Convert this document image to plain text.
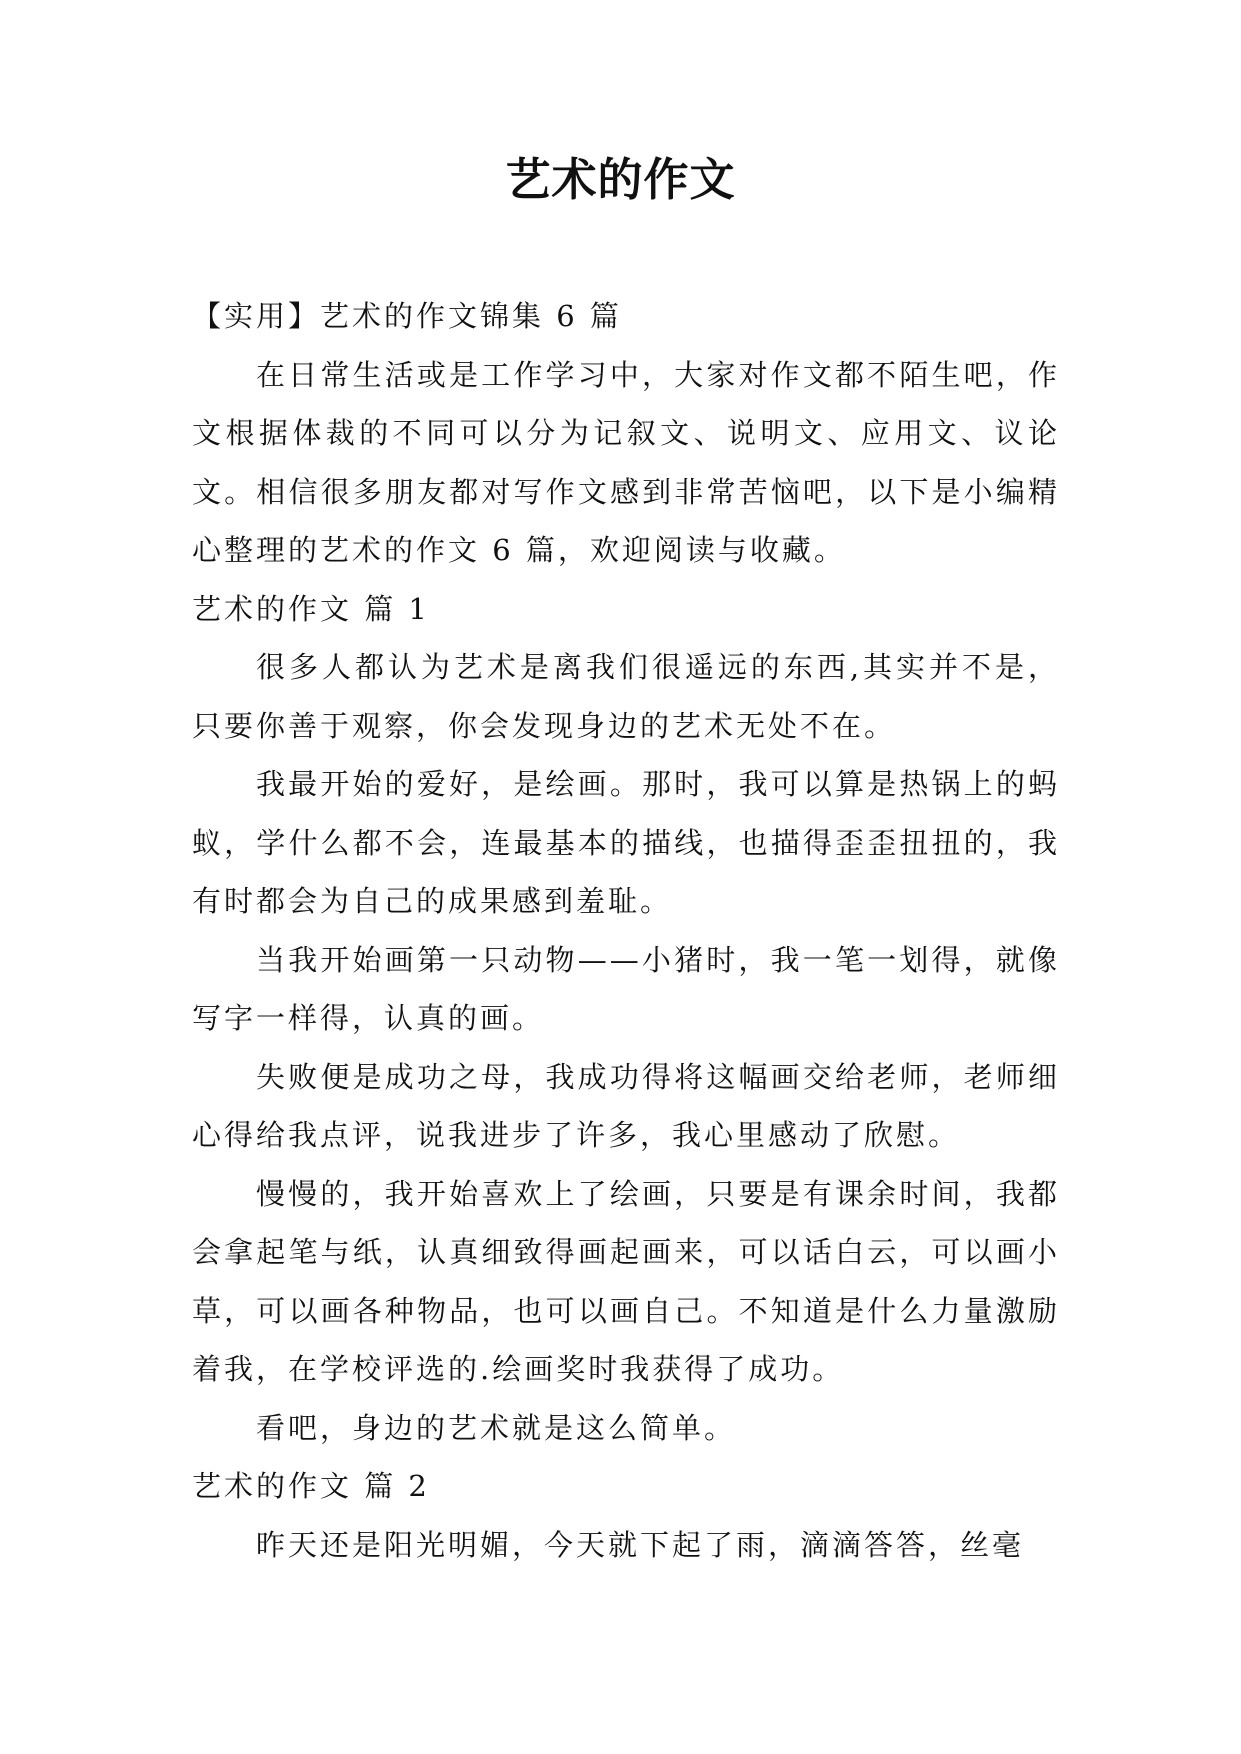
艺术的作文

【实用】艺术的作文锦集 6 篇

在日常生活或是工作学习中，大家对作文都不陌生吧，作文根据体裁的不同可以分为记叙文、说明文、应用文、议论文。相信很多朋友都对写作文感到非常苦恼吧，以下是小编精心整理的艺术的作文 6 篇，欢迎阅读与收藏。

艺术的作文 篇 1

很多人都认为艺术是离我们很遥远的东西,其实并不是，只要你善于观察，你会发现身边的艺术无处不在。

我最开始的爱好，是绘画。那时，我可以算是热锅上的蚂蚁，学什么都不会，连最基本的描线，也描得歪歪扭扭的，我有时都会为自己的成果感到羞耻。

当我开始画第一只动物——小猪时，我一笔一划得，就像写字一样得，认真的画。

失败便是成功之母，我成功得将这幅画交给老师，老师细心得给我点评，说我进步了许多，我心里感动了欣慰。

慢慢的，我开始喜欢上了绘画，只要是有课余时间，我都会拿起笔与纸，认真细致得画起画来，可以话白云，可以画小草，可以画各种物品，也可以画自己。不知道是什么力量激励着我，在学校评选的.绘画奖时我获得了成功。

看吧，身边的艺术就是这么简单。

艺术的作文 篇 2

昨天还是阳光明媚，今天就下起了雨，滴滴答答，丝毫
